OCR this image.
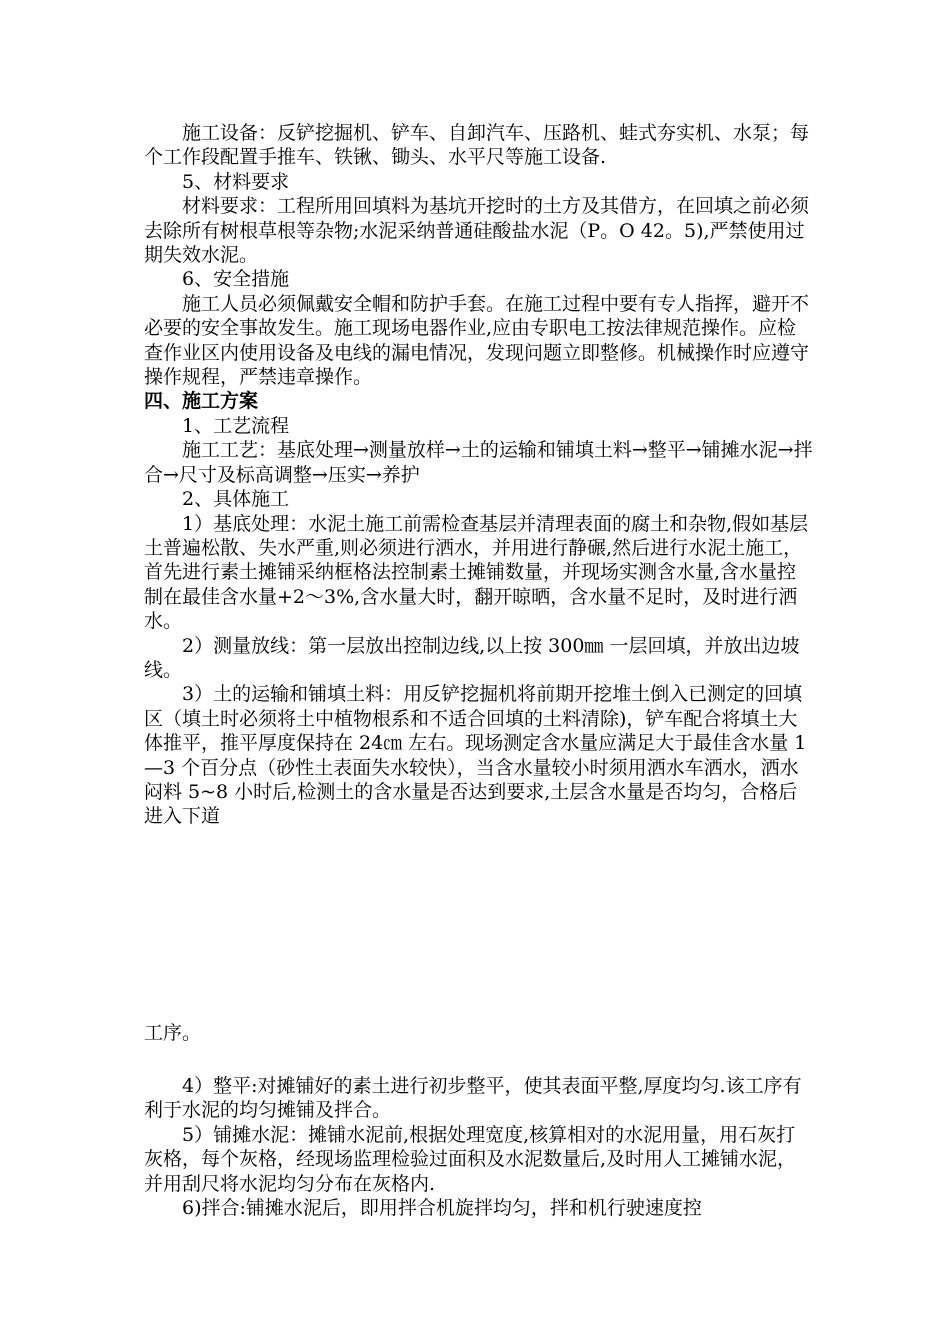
施工设备：反铲挖掘机、铲车、自卸汽车、压路机、蛙式夯实机、水泵；每个工作段配置手推车、铁锹、锄头、水平尺等施工设备.

5、材料要求

材料要求：工程所用回填料为基坑开挖时的土方及其借方，在回填之前必须去除所有树根草根等杂物;水泥采纳普通硅酸盐水泥（P。O 42。5),严禁使用过期失效水泥。

6、安全措施

施工人员必须佩戴安全帽和防护手套。在施工过程中要有专人指挥，避开不必要的安全事故发生。施工现场电器作业,应由专职电工按法律规范操作。应检查作业区内使用设备及电线的漏电情况，发现问题立即整修。机械操作时应遵守操作规程，严禁违章操作。

四、施工方案

1、工艺流程

施工工艺：基底处理→测量放样→土的运输和铺填土料→整平→铺摊水泥→拌合→尺寸及标高调整→压实→养护

2、具体施工

1）基底处理：水泥土施工前需检查基层并清理表面的腐土和杂物,假如基层土普遍松散、失水严重,则必须进行洒水，并用进行静碾,然后进行水泥土施工，首先进行素土摊铺采纳框格法控制素土摊铺数量，并现场实测含水量,含水量控制在最佳含水量+2～3%,含水量大时，翻开晾晒，含水量不足时，及时进行洒水。

2）测量放线：第一层放出控制边线,以上按 300㎜ 一层回填，并放出边坡线。

3）土的运输和铺填土料：用反铲挖掘机将前期开挖堆土倒入已测定的回填区（填土时必须将土中植物根系和不适合回填的土料清除)，铲车配合将填土大体推平，推平厚度保持在 24㎝ 左右。现场测定含水量应满足大于最佳含水量 1—3 个百分点（砂性土表面失水较快），当含水量较小时须用洒水车洒水，洒水闷料 5~8 小时后,检测土的含水量是否达到要求,土层含水量是否均匀，合格后进入下道

工序。

4）整平:对摊铺好的素土进行初步整平，使其表面平整,厚度均匀.该工序有利于水泥的均匀摊铺及拌合。

5）铺摊水泥：摊铺水泥前,根据处理宽度,核算相对的水泥用量，用石灰打灰格，每个灰格，经现场监理检验过面积及水泥数量后,及时用人工摊铺水泥，并用刮尺将水泥均匀分布在灰格内.

6)拌合:铺摊水泥后，即用拌合机旋拌均匀，拌和机行驶速度控
